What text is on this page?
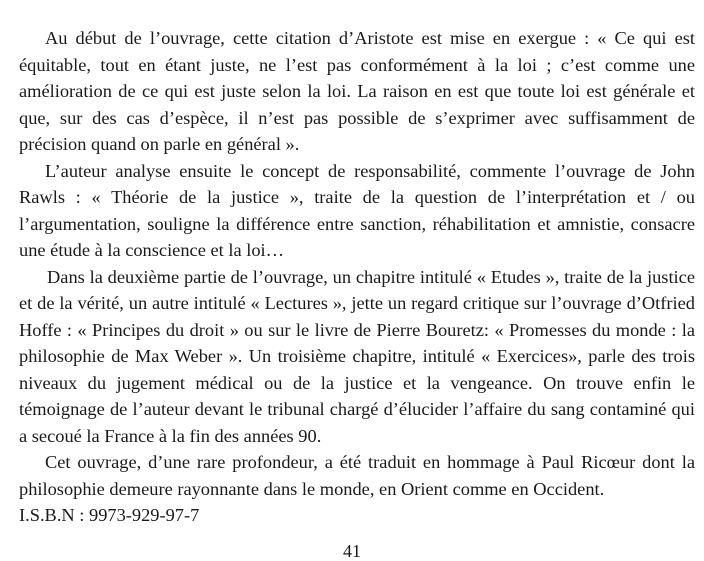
Au début de l’ouvrage, cette citation d’Aristote est mise en exergue : « Ce qui est équitable, tout en étant juste, ne l’est pas conformément à la loi ; c’est comme une amélioration de ce qui est juste selon la loi. La raison en est que toute loi est générale et que, sur des cas d’espèce, il n’est pas possible de s’exprimer avec suffisamment de précision quand on parle en général ».

L’auteur analyse ensuite le concept de responsabilité, commente l’ouvrage de John Rawls : « Théorie de la justice », traite de la question de l’interprétation et / ou l’argumentation, souligne la différence entre sanction, réhabilitation et amnistie, consacre une étude à la conscience et la loi…

Dans la deuxième partie de l’ouvrage, un chapitre intitulé « Etudes », traite de la justice et de la vérité, un autre intitulé « Lectures », jette un regard critique sur l’ouvrage d’Otfried Hoffe : « Principes du droit » ou sur le livre de Pierre Bouretz: « Promesses du monde : la philosophie de Max Weber ». Un troisième chapitre, intitulé « Exercices», parle des trois niveaux du jugement médical ou de la justice et la vengeance. On trouve enfin le témoignage de l’auteur devant le tribunal chargé d’élucider l’affaire du sang contaminé qui a secoué la France à la fin des années 90.

Cet ouvrage, d’une rare profondeur, a été traduit en hommage à Paul Ricœur dont la philosophie demeure rayonnante dans le monde, en Orient comme en Occident.

I.S.B.N : 9973-929-97-7

41
